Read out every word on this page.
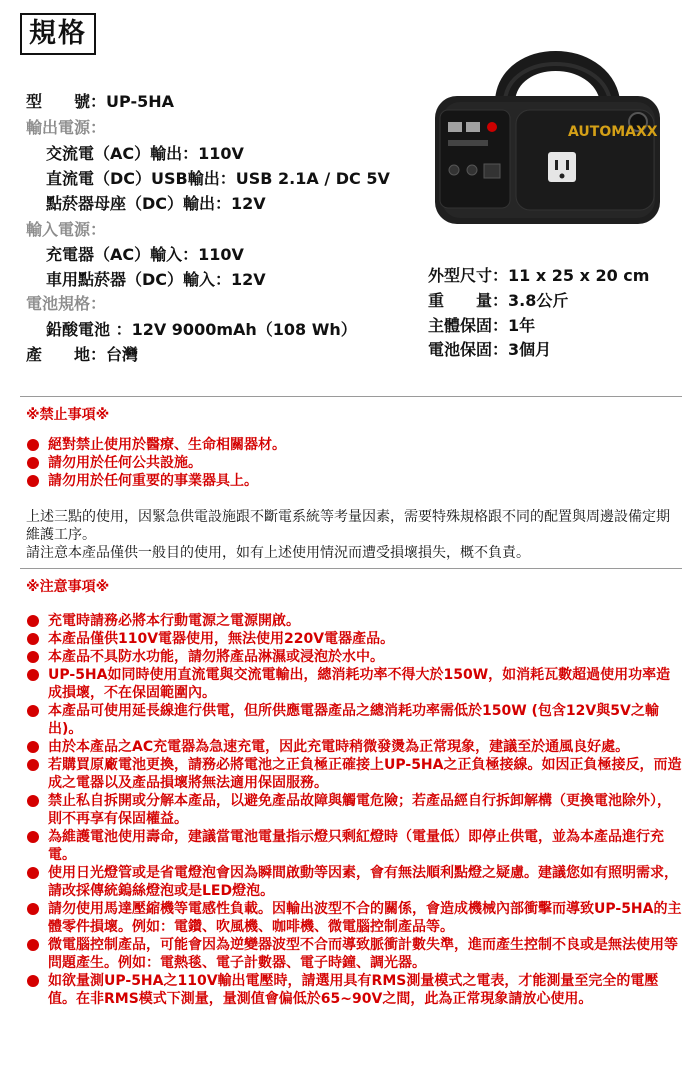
規格
型　　號：UP-5HA
輸出電源：
交流電（AC）輸出：110V
直流電（DC）USB輸出：USB 2.1A / DC 5V
點菸器母座（DC）輸出：12V
輸入電源：
充電器（AC）輸入：110V
車用點菸器（DC）輸入：12V
電池規格：
鉛酸電池 ：12V 9000mAh（108 Wh）
產　　地：台灣
外型尺寸：11 x 25 x 20 cm
重　　量：3.8公斤
主體保固：1年
電池保固：3個月
AUTOMAXX
※禁止事項※
絕對禁止使用於醫療、生命相關器材。
請勿用於任何公共設施。
請勿用於任何重要的事業器具上。
上述三點的使用，因緊急供電設施跟不斷電系統等考量因素，需要特殊規格跟不同的配置與周邊設備定期維護工序。
請注意本產品僅供一般目的使用，如有上述使用情況而遭受損壞損失，概不負責。
※注意事項※
充電時請務必將本行動電源之電源開啟。
本產品僅供110V電器使用，無法使用220V電器產品。
本產品不具防水功能，請勿將產品淋濕或浸泡於水中。
UP-5HA如同時使用直流電與交流電輸出，總消耗功率不得大於150W，如消耗瓦數超過使用功率造成損壞，不在保固範圍內。
本產品可使用延長線進行供電，但所供應電器產品之總消耗功率需低於150W (包含12V與5V之輸出)。
由於本產品之AC充電器為急速充電，因此充電時稍微發燙為正常現象，建議至於通風良好處。
若購買原廠電池更換，請務必將電池之正負極正確接上UP-5HA之正負極接線。如因正負極接反，而造成之電器以及產品損壞將無法適用保固服務。
禁止私自拆開或分解本產品，以避免產品故障與觸電危險；若產品經自行拆卸解構（更換電池除外），則不再享有保固權益。
為維護電池使用壽命，建議當電池電量指示燈只剩紅燈時（電量低）即停止供電，並為本產品進行充電。
使用日光燈管或是省電燈泡會因為瞬間啟動等因素，會有無法順利點燈之疑慮。建議您如有照明需求，請改採傳統鎢絲燈泡或是LED燈泡。
請勿使用馬達壓縮機等電感性負載。因輸出波型不合的關係，會造成機械內部衝擊而導致UP-5HA的主體零件損壞。例如：電鑽、吹風機、咖啡機、微電腦控制產品等。
微電腦控制產品，可能會因為逆變器波型不合而導致脈衝計數失準，進而產生控制不良或是無法使用等問題產生。例如：電熱毯、電子計數器、電子時鐘、調光器。
如欲量測UP-5HA之110V輸出電壓時，請選用具有RMS測量模式之電表，才能測量至完全的電壓值。在非RMS模式下測量，量測值會偏低於65~90V之間，此為正常現象請放心使用。
